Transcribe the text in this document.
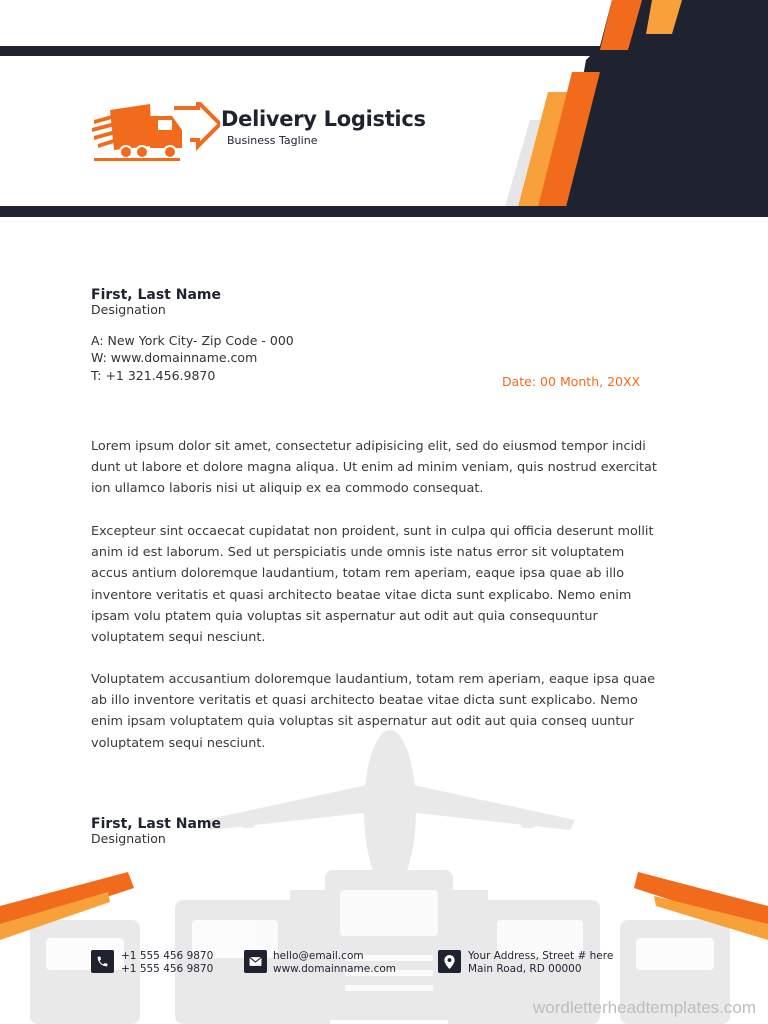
Delivery Logistics
Business Tagline
First, Last Name
Designation
A: New York City- Zip Code - 000
W: www.domainname.com
T: +1 321.456.9870	Date: 00 Month, 20XX
Lorem ipsum dolor sit amet, consectetur adipisicing elit, sed do eiusmod tempor incidi dunt ut labore et dolore magna aliqua. Ut enim ad minim veniam, quis nostrud exercitat ion ullamco laboris nisi ut aliquip ex ea commodo consequat.
Excepteur sint occaecat cupidatat non proident, sunt in culpa qui officia deserunt mollit anim id est laborum. Sed ut perspiciatis unde omnis iste natus error sit voluptatem accus antium doloremque laudantium, totam rem aperiam, eaque ipsa quae ab illo inventore veritatis et quasi architecto beatae vitae dicta sunt explicabo. Nemo enim ipsam volu ptatem quia voluptas sit aspernatur aut odit aut quia consequuntur voluptatem sequi nesciunt.
Voluptatem accusantium doloremque laudantium, totam rem aperiam, eaque ipsa quae ab illo inventore veritatis et quasi architecto beatae vitae dicta sunt explicabo. Nemo enim ipsam voluptatem quia voluptas sit aspernatur aut odit aut quia conseq uuntur voluptatem sequi nesciunt.
First, Last Name
Designation
+1 555 456 9870
+1 555 456 9870
hello@email.com
www.domainname.com
Your Address, Street # here
Main Road, RD 00000
wordletterheadtemplates.com
